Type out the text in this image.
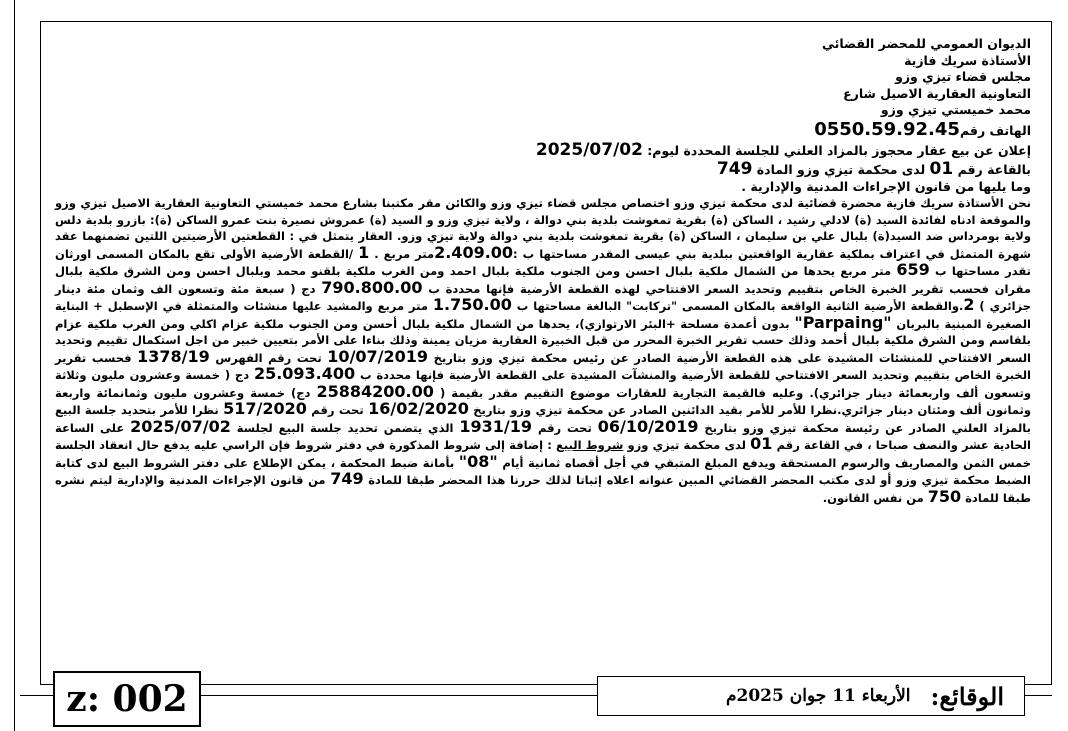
الديوان العمومي للمحضر القضائي
الأستاذة سريك فازية
مجلس قضاء تيزي وزو
التعاونية العقارية الاصيل شارع
محمد خميستي تيزي وزو
الهاتف رقم0550.59.92.45
إعلان عن بيع عقار محجوز بالمزاد العلني للجلسة المحددة ليوم: 2025/07/02
بالقاعة رقم 01 لدى محكمة تيزي وزو المادة 749
وما يليها من قانون الإجراءات المدنية والإدارية .

نحن الأستاذة سريك فازية محضرة قضائية لدى محكمة تيزي وزو اختصاص مجلس قضاء تيزي وزو والكائن مقر مكتبنا بشارع محمد خميستي التعاونية العقارية الاصيل تيزي وزو والموقعة ادناه لفائدة السيد (ة) لادلي رشيد ، الساكن (ة) بقرية تمغوشت بلدية بني دوالة ، ولاية تيزي وزو و السيد (ة) عمروش نصيرة بنت عمرو الساكن (ة): بازرو بلدية دلس ولاية بومرداس ضد السيد(ة) بلبال علي بن سليمان ، الساكن (ة) بقرية تمغوشت بلدية بني دوالة ولاية تيزي وزو. العقار يتمثل في : القطعتين الأرضيتين اللتين تضمنهما عقد شهرة المتمثل في اعتراف بملكية عقارية الواقعتين ببلدية بني عيسى المقدر مساحتها ب :2.409.00متر مربع . 1 /القطعة الأرضية الأولى تقع بالمكان المسمى اورثان تقدر مساحتها ب 659 متر مربع يحدها من الشمال ملكية بلبال احسن ومن الجنوب ملكية بلبال احمد ومن الغرب ملكية بلقنو محمد وبلبال احسن ومن الشرق ملكية بلبال مقران فحسب تقرير الخبرة الخاص بتقييم وتحديد السعر الافتتاحي لهذه القطعة الأرضية فإنها محددة ب 790.800.00 دج ( سبعة مئة وتسعون الف وثمان مئة دينار جزائري ) 2.والقطعة الأرضية الثانية الواقعة بالمكان المسمى "تركابت" البالغة مساحتها ب 1.750.00 متر مربع والمشيد عليها منشئات والمتمثلة في الإسطبل + البناية الصغيرة المبنية بالبربان "Parpaing" بدون أعمدة مسلحة +البئر الارتوازي)، يحدها من الشمال ملكية بلبال أحسن ومن الجنوب ملكية عزام اكلي ومن الغرب ملكية عزام بلقاسم ومن الشرق ملكية بلبال أحمد وذلك حسب تقرير الخبرة المحرر من قبل الخبيرة العقارية مزيان يمينة وذلك بناءا على الأمر بتعيين خبير من اجل استكمال تقييم وتحديد السعر الافتتاحي للمنشئات المشيدة على هذه القطعة الأرضية الصادر عن رئيس محكمة تيزي وزو بتاريخ 10/07/2019 تحت رقم الفهرس 1378/19 فحسب تقرير الخبرة الخاص بتقييم وتحديد السعر الافتتاحي للقطعة الأرضية والمنشآت المشيدة على القطعة الأرضية فإنها محددة ب 25.093.400 دج ( خمسة وعشرون مليون وثلاثة وتسعون ألف واربعمائة دينار جزائري). وعليه فالقيمة التجارية للعقارات موضوع التقييم مقدر بقيمة ( 25884200.00 دج) خمسة وعشرون مليون وثمانمائة واربعة وثمانون ألف ومئتان دينار جزائري.نظرا للأمر للأمر بقيد الدائنين الصادر عن محكمة تيزي وزو بتاريخ 16/02/2020 تحت رقم 517/2020 نظرا للأمر بتحديد جلسة البيع بالمزاد العلني الصادر عن رئيسة محكمة تيزي وزو بتاريخ 06/10/2019 تحت رقم 1931/19 الذي يتضمن تحديد جلسة البيع لجلسة 2025/07/02 على الساعة الحادية عشر والنصف صباحا ، في القاعة رقم 01 لدى محكمة تيزي وزو شروط البيع : إضافة إلى شروط المذكورة في دفتر شروط فإن الراسي عليه يدفع حال انعقاد الجلسة خمس الثمن والمصاريف والرسوم المستحقة ويدفع المبلغ المتبقي في أجل أقصاه ثمانية أيام "08" بأمانة ضبط المحكمة ، يمكن الإطلاع على دفتر الشروط البيع لدى كتابة الضبط محكمة تيزي وزو أو لدى مكتب المحضر القضائي المبين عنوانه اعلاه إثباتا لذلك حررنا هذا المحضر طبقا للمادة 749 من قانون الإجراءات المدنية والإدارية ليتم نشره طبقا للمادة 750 من نفس القانون.

z: 002	الوقائع:
الأربعاء 11 جوان 2025م
